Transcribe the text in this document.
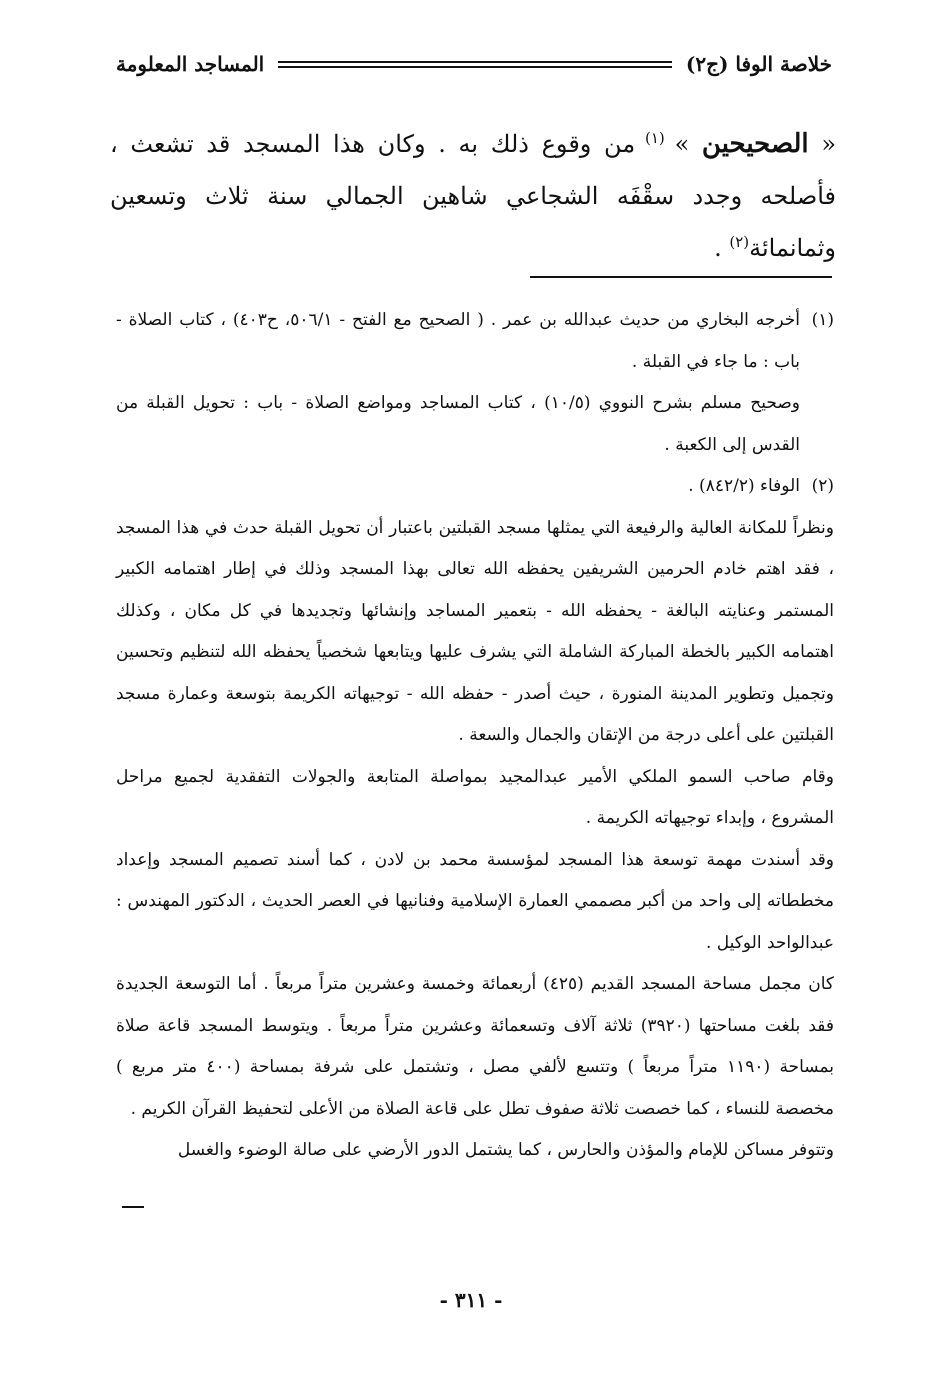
خلاصة الوفا (ج٢)
المساجد المعلومة

« الصحيحين » $^{(١)}$ من وقوع ذلك به . وكان هذا المسجد قد تشعث ، فأصلحه وجدد سقْفَه الشجاعي شاهين الجمالي سنة ثلاث وتسعين وثمانمائة$^{(٢)}$ .

(١)

أخرجه البخاري من حديث عبدالله بن عمر . ( الصحيح مع الفتح - ٥٠٦/١، ح٤٠٣) ، كتاب الصلاة - باب : ما جاء في القبلة .

وصحيح مسلم بشرح النووي (١٠/٥) ، كتاب المساجد ومواضع الصلاة - باب : تحويل القبلة من القدس إلى الكعبة .

(٢)

الوفاء (٨٤٢/٢) .

ونظراً للمكانة العالية والرفيعة التي يمثلها مسجد القبلتين باعتبار أن تحويل القبلة حدث في هذا المسجد ، فقد اهتم خادم الحرمين الشريفين يحفظه الله تعالى بهذا المسجد وذلك في إطار اهتمامه الكبير المستمر وعنايته البالغة - يحفظه الله - بتعمير المساجد وإنشائها وتجديدها في كل مكان ، وكذلك اهتمامه الكبير بالخطة المباركة الشاملة التي يشرف عليها ويتابعها شخصياً يحفظه الله لتنظيم وتحسين وتجميل وتطوير المدينة المنورة ، حيث أصدر - حفظه الله - توجيهاته الكريمة بتوسعة وعمارة مسجد القبلتين على أعلى درجة من الإتقان والجمال والسعة .

وقام صاحب السمو الملكي الأمير عبدالمجيد بمواصلة المتابعة والجولات التفقدية لجميع مراحل المشروع ، وإبداء توجيهاته الكريمة .

وقد أسندت مهمة توسعة هذا المسجد لمؤسسة محمد بن لادن ، كما أسند تصميم المسجد وإعداد مخططاته إلى واحد من أكبر مصممي العمارة الإسلامية وفنانيها في العصر الحديث ، الدكتور المهندس : عبدالواحد الوكيل .

كان مجمل مساحة المسجد القديم (٤٢٥) أربعمائة وخمسة وعشرين متراً مربعاً . أما التوسعة الجديدة فقد بلغت مساحتها (٣٩٢٠) ثلاثة آلاف وتسعمائة وعشرين متراً مربعاً . ويتوسط المسجد قاعة صلاة بمساحة (١١٩٠ متراً مربعاً ) وتتسع لألفي مصل ، وتشتمل على شرفة بمساحة (٤٠٠ متر مربع ) مخصصة للنساء ، كما خصصت ثلاثة صفوف تطل على قاعة الصلاة من الأعلى لتحفيظ القرآن الكريم .

وتتوفر مساكن للإمام والمؤذن والحارس ، كما يشتمل الدور الأرضي على صالة الوضوء والغسل

- ٣١١ -
